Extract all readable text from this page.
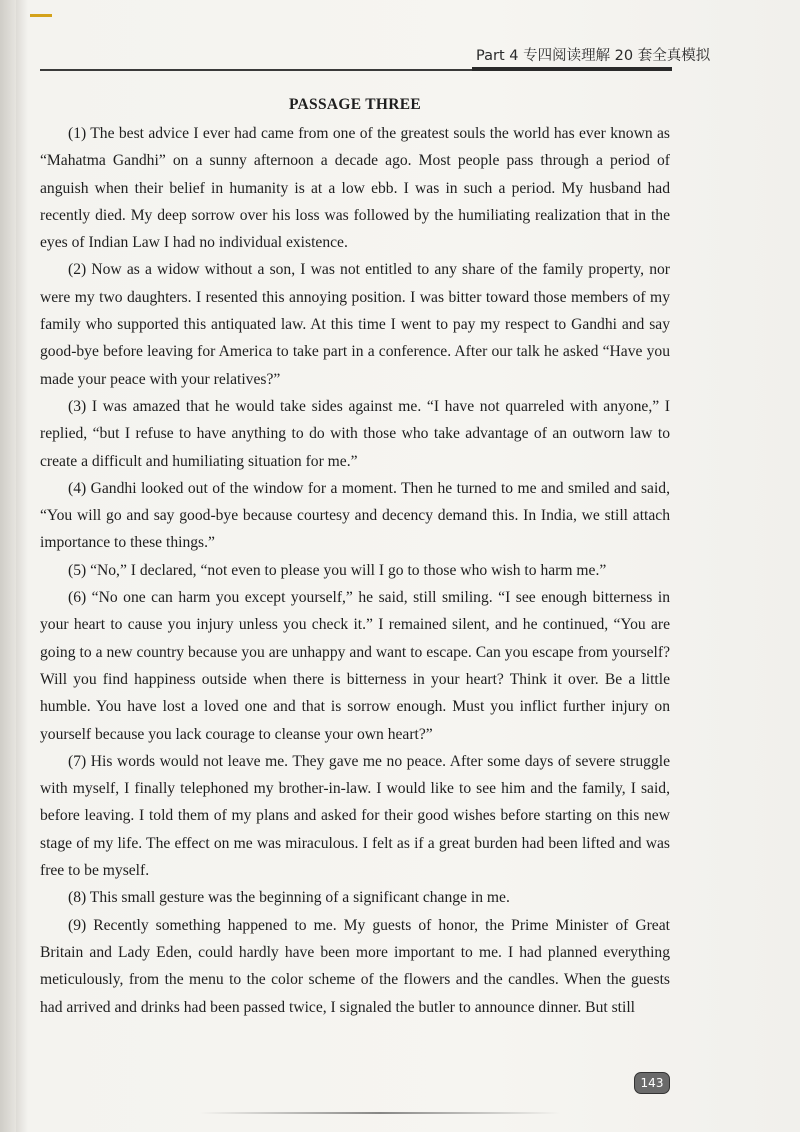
Part 4 专四阅读理解 20 套全真模拟
PASSAGE THREE

(1) The best advice I ever had came from one of the greatest souls the world has ever known as “Mahatma Gandhi” on a sunny afternoon a decade ago. Most people pass through a period of anguish when their belief in humanity is at a low ebb. I was in such a period. My husband had recently died. My deep sorrow over his loss was followed by the humiliating realization that in the eyes of Indian Law I had no individual existence.

(2) Now as a widow without a son, I was not entitled to any share of the family property, nor were my two daughters. I resented this annoying position. I was bitter toward those members of my family who supported this antiquated law. At this time I went to pay my respect to Gandhi and say good-bye before leaving for America to take part in a conference. After our talk he asked “Have you made your peace with your relatives?”

(3) I was amazed that he would take sides against me. “I have not quarreled with anyone,” I replied, “but I refuse to have anything to do with those who take advantage of an outworn law to create a difficult and humiliating situation for me.”

(4) Gandhi looked out of the window for a moment. Then he turned to me and smiled and said, “You will go and say good-bye because courtesy and decency demand this. In India, we still attach importance to these things.”

(5) “No,” I declared, “not even to please you will I go to those who wish to harm me.”

(6) “No one can harm you except yourself,” he said, still smiling. “I see enough bitterness in your heart to cause you injury unless you check it.” I remained silent, and he continued, “You are going to a new country because you are unhappy and want to escape. Can you escape from yourself? Will you find happiness outside when there is bitterness in your heart? Think it over. Be a little humble. You have lost a loved one and that is sorrow enough. Must you inflict further injury on yourself because you lack courage to cleanse your own heart?”

(7) His words would not leave me. They gave me no peace. After some days of severe struggle with myself, I finally telephoned my brother-in-law. I would like to see him and the family, I said, before leaving. I told them of my plans and asked for their good wishes before starting on this new stage of my life. The effect on me was miraculous. I felt as if a great burden had been lifted and was free to be myself.

(8) This small gesture was the beginning of a significant change in me.

(9) Recently something happened to me. My guests of honor, the Prime Minister of Great Britain and Lady Eden, could hardly have been more important to me. I had planned everything meticulously, from the menu to the color scheme of the flowers and the candles. When the guests had arrived and drinks had been passed twice, I signaled the butler to announce dinner. But still

143
